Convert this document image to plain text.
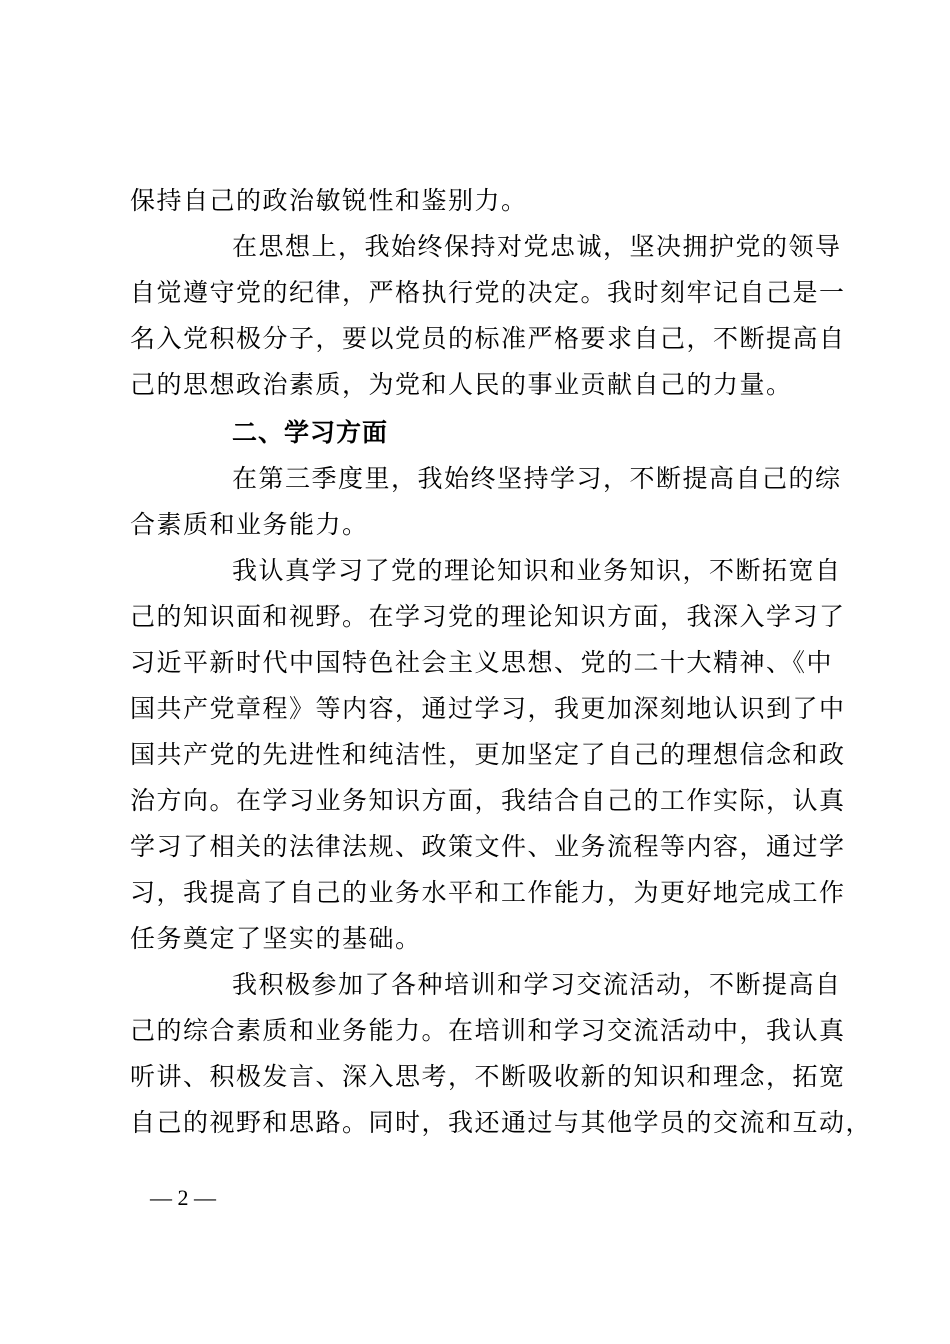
保持自己的政治敏锐性和鉴别力。
在思想上，我始终保持对党忠诚，坚决拥护党的领导
自觉遵守党的纪律，严格执行党的决定。我时刻牢记自己是一
名入党积极分子，要以党员的标准严格要求自己，不断提高自
己的思想政治素质，为党和人民的事业贡献自己的力量。
二、学习方面
在第三季度里，我始终坚持学习，不断提高自己的综
合素质和业务能力。
我认真学习了党的理论知识和业务知识，不断拓宽自
己的知识面和视野。在学习党的理论知识方面，我深入学习了
习近平新时代中国特色社会主义思想、党的二十大精神、《中
国共产党章程》等内容，通过学习，我更加深刻地认识到了中
国共产党的先进性和纯洁性，更加坚定了自己的理想信念和政
治方向。在学习业务知识方面，我结合自己的工作实际，认真
学习了相关的法律法规、政策文件、业务流程等内容，通过学
习，我提高了自己的业务水平和工作能力，为更好地完成工作
任务奠定了坚实的基础。
我积极参加了各种培训和学习交流活动，不断提高自
己的综合素质和业务能力。在培训和学习交流活动中，我认真
听讲、积极发言、深入思考，不断吸收新的知识和理念，拓宽
自己的视野和思路。同时，我还通过与其他学员的交流和互动，
— 2 —
